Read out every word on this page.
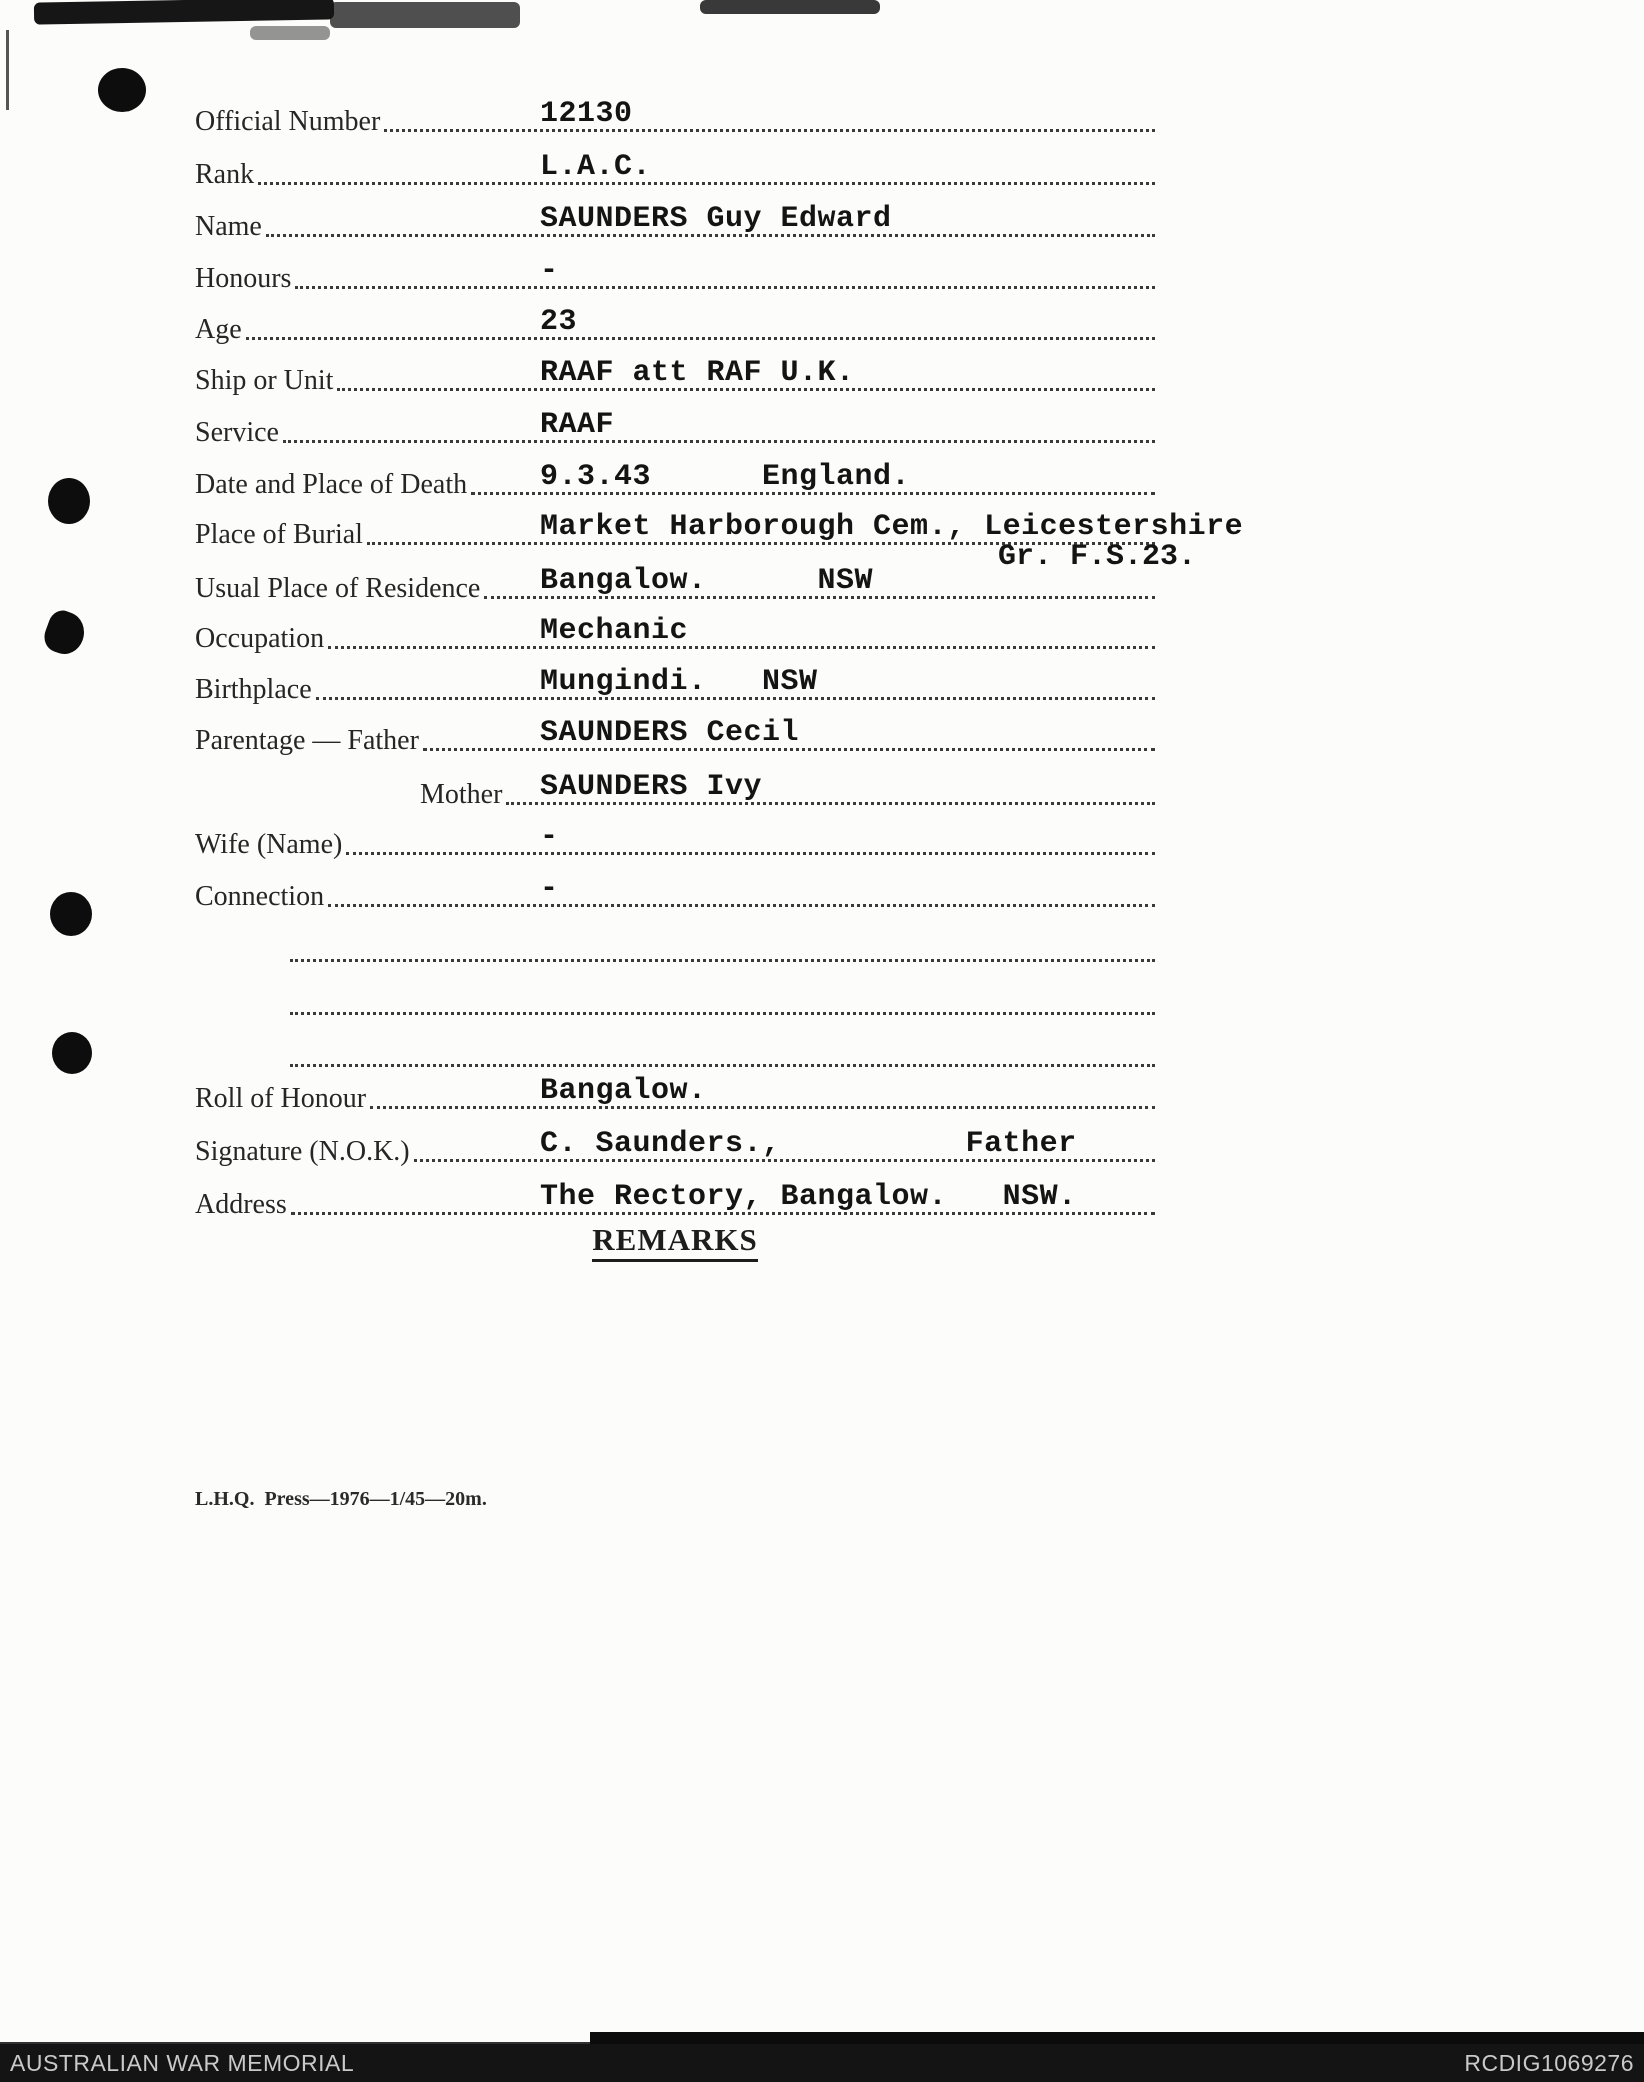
Official Number	12130
Rank	L.A.C.
Name	SAUNDERS Guy Edward
Honours	-
Age	23
Ship or Unit	RAAF att RAF U.K.
Service	RAAF
Date and Place of Death 9.3.43      England.
Place of Burial	Market Harborough Cem., Leicestershire
Gr. F.S.23.
Usual Place of Residence Bangalow.      NSW
Occupation	Mechanic
Birthplace	Mungindi.   NSW
Parentage — Father	SAUNDERS Cecil
Mother SAUNDERS Ivy
Wife (Name)	-
Connection	-
Roll of Honour	Bangalow.
Signature (N.O.K.)	C. Saunders.,          Father
Address	The Rectory, Bangalow.   NSW.
REMARKS
L.H.Q.  Press—1976—1/45—20m.
AUSTRALIAN WAR MEMORIAL	RCDIG1069276
